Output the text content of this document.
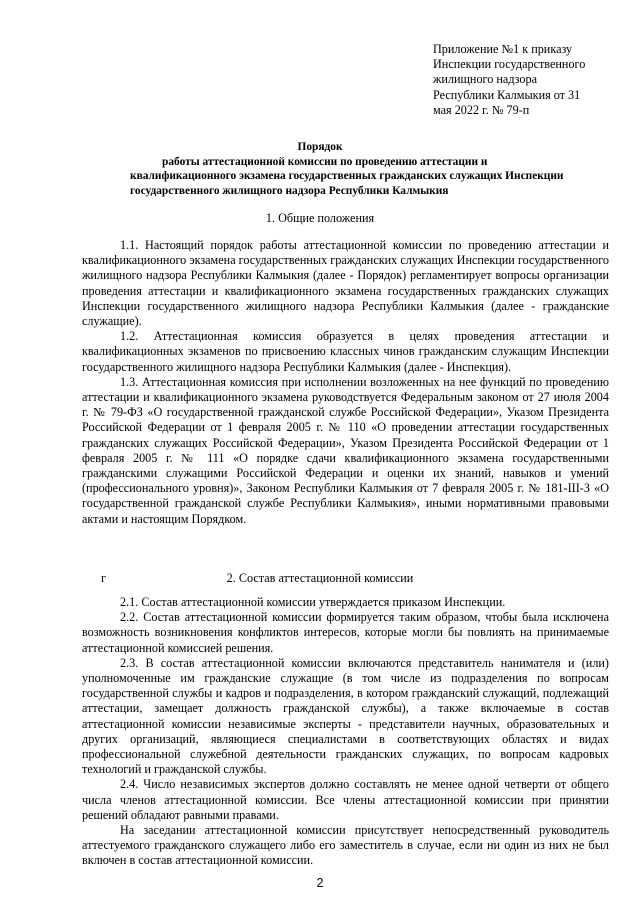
Приложение №1 к приказу
Инспекции государственного
жилищного надзора
Республики Калмыкия от 31
мая 2022 г. № 79-п
Порядок
работы аттестационной комиссии по проведению аттестации и
квалификационного экзамена государственных гражданских служащих Инспекции
государственного жилищного надзора Республики Калмыкия
1. Общие положения

1.1. Настоящий порядок работы аттестационной комиссии по проведению аттестации и квалификационного экзамена государственных гражданских служащих Инспекции государственного жилищного надзора Республики Калмыкия (далее - Порядок) регламентирует вопросы организации проведения аттестации и квалификационного экзамена государственных гражданских служащих Инспекции государственного жилищного надзора Республики Калмыкия (далее - гражданские служащие).

1.2. Аттестационная комиссия образуется в целях проведения аттестации и квалификационных экзаменов по присвоению классных чинов гражданским служащим Инспекции государственного жилищного надзора Республики Калмыкия (далее - Инспекция).

1.3. Аттестационная комиссия при исполнении возложенных на нее функций по проведению аттестации и квалификационного экзамена руководствуется Федеральным законом от 27 июля 2004 г. № 79-ФЗ «О государственной гражданской службе Российской Федерации», Указом Президента Российской Федерации от 1 февраля 2005 г. № 110 «О проведении аттестации государственных гражданских служащих Российской Федерации», Указом Президента Российской Федерации от 1 февраля 2005 г. № 111 «О порядке сдачи квалификационного экзамена государственными гражданскими служащими Российской Федерации и оценки их знаний, навыков и умений (профессионального уровня)», Законом Республики Калмыкия от 7 февраля 2005 г. № 181-III-З «О государственной гражданской службе Республики Калмыкия», иными нормативными правовыми актами и настоящим Порядком.

г	2. Состав аттестационной комиссии

2.1. Состав аттестационной комиссии утверждается приказом Инспекции.

2.2. Состав аттестационной комиссии формируется таким образом, чтобы была исключена возможность возникновения конфликтов интересов, которые могли бы повлиять на принимаемые аттестационной комиссией решения.

2.3. В состав аттестационной комиссии включаются представитель нанимателя и (или) уполномоченные им гражданские служащие (в том числе из подразделения по вопросам государственной службы и кадров и подразделения, в котором гражданский служащий, подлежащий аттестации, замещает должность гражданской службы), а также включаемые в состав аттестационной комиссии независимые эксперты - представители научных, образовательных и других организаций, являющиеся специалистами в соответствующих областях и видах профессиональной служебной деятельности гражданских служащих, по вопросам кадровых технологий и гражданской службы.

2.4. Число независимых экспертов должно составлять не менее одной четверти от общего числа членов аттестационной комиссии. Все члены аттестационной комиссии при принятии решений обладают равными правами.

На заседании аттестационной комиссии присутствует непосредственный руководитель аттестуемого гражданского служащего либо его заместитель в случае, если ни один из них не был включен в состав аттестационной комиссии.

2
